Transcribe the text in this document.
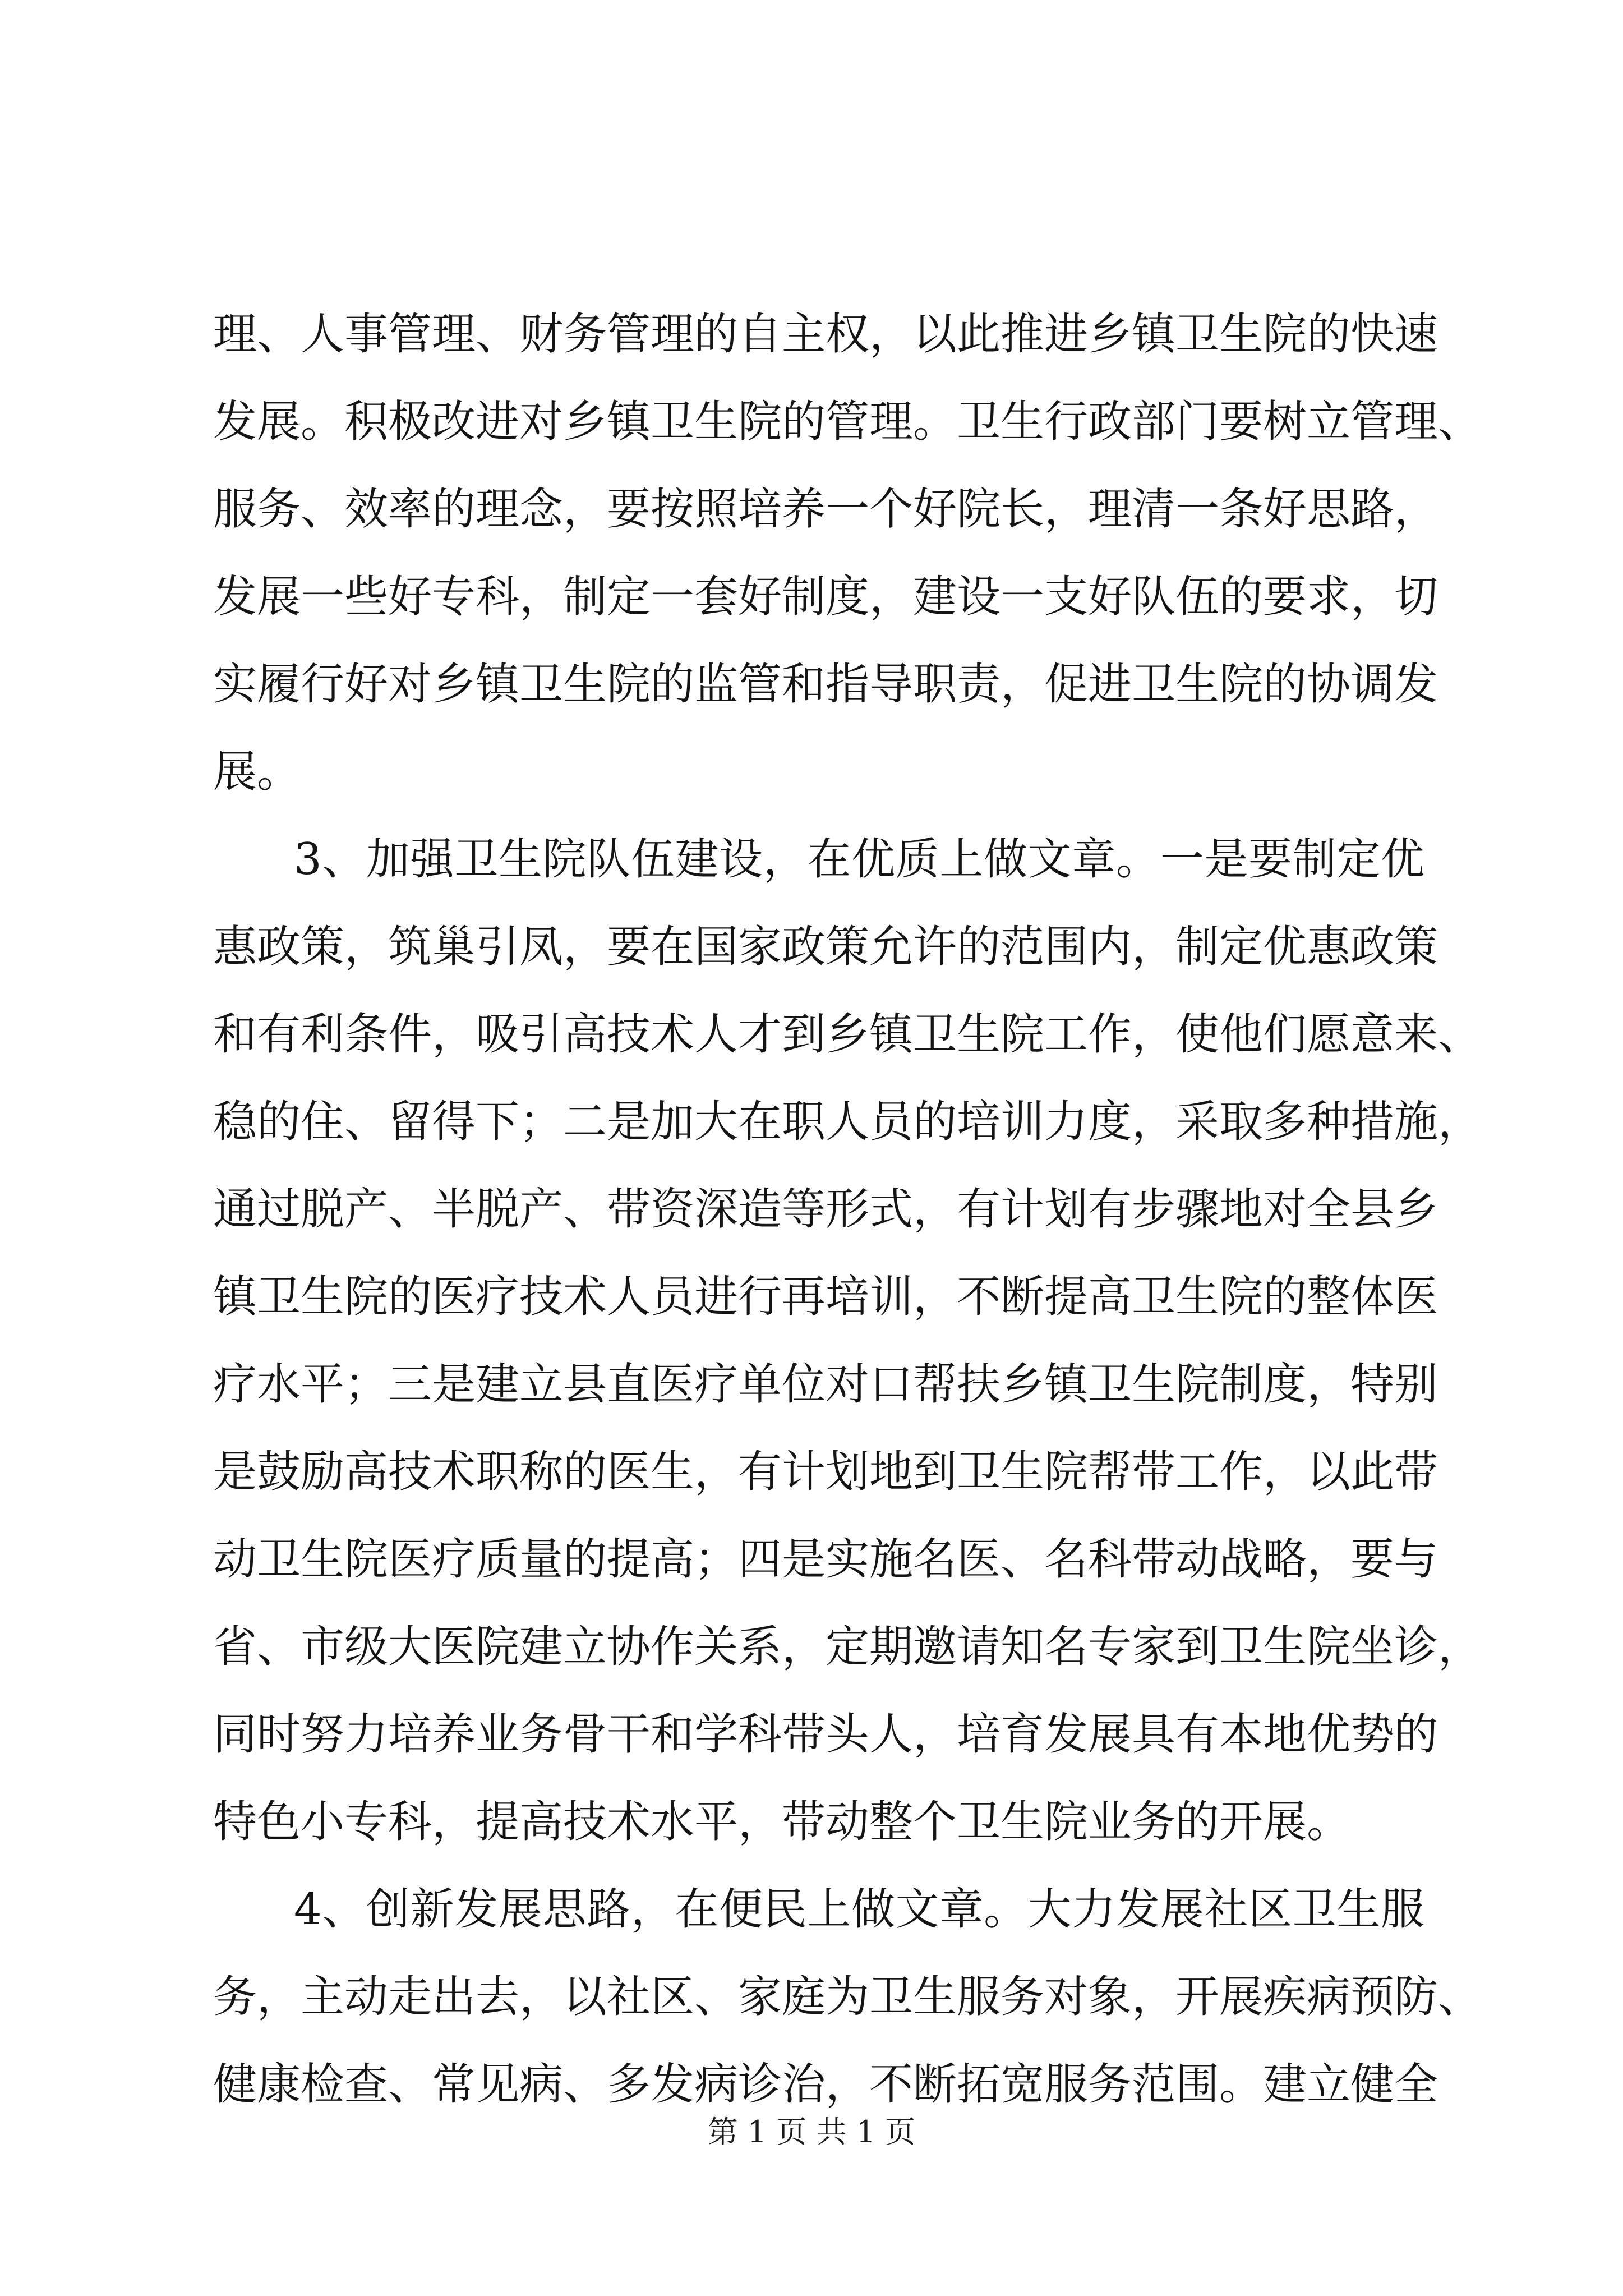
理、人事管理、财务管理的自主权，以此推进乡镇卫生院的快速
发展。积极改进对乡镇卫生院的管理。卫生行政部门要树立管理、
服务、效率的理念，要按照培养一个好院长，理清一条好思路，
发展一些好专科，制定一套好制度，建设一支好队伍的要求，切
实履行好对乡镇卫生院的监管和指导职责，促进卫生院的协调发
展。
3、加强卫生院队伍建设，在优质上做文章。一是要制定优
惠政策，筑巢引凤，要在国家政策允许的范围内，制定优惠政策
和有利条件，吸引高技术人才到乡镇卫生院工作，使他们愿意来、
稳的住、留得下；二是加大在职人员的培训力度，采取多种措施，
通过脱产、半脱产、带资深造等形式，有计划有步骤地对全县乡
镇卫生院的医疗技术人员进行再培训，不断提高卫生院的整体医
疗水平；三是建立县直医疗单位对口帮扶乡镇卫生院制度，特别
是鼓励高技术职称的医生，有计划地到卫生院帮带工作，以此带
动卫生院医疗质量的提高；四是实施名医、名科带动战略，要与
省、市级大医院建立协作关系，定期邀请知名专家到卫生院坐诊，
同时努力培养业务骨干和学科带头人，培育发展具有本地优势的
特色小专科，提高技术水平，带动整个卫生院业务的开展。
4、创新发展思路，在便民上做文章。大力发展社区卫生服
务，主动走出去，以社区、家庭为卫生服务对象，开展疾病预防、
健康检查、常见病、多发病诊治，不断拓宽服务范围。建立健全
第 1 页 共 1 页
